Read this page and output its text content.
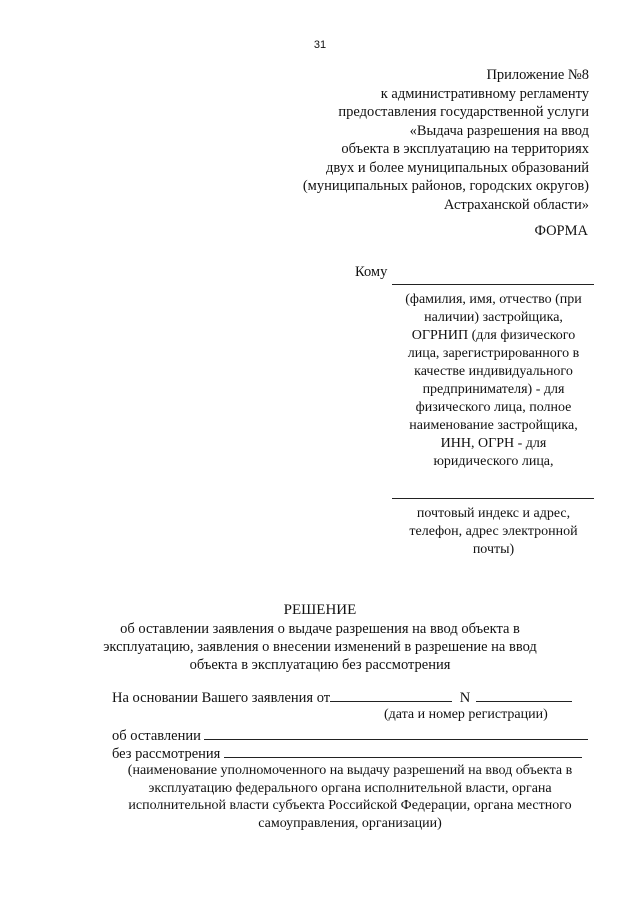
31
Приложение №8
к административному регламенту
предоставления государственной услуги
«Выдача разрешения на ввод
объекта в эксплуатацию на территориях
двух и более муниципальных образований
(муниципальных районов, городских округов)
Астраханской области»
ФОРМА
Кому
(фамилия, имя, отчество (при
наличии) застройщика,
ОГРНИП (для физического
лица, зарегистрированного в
качестве индивидуального
предпринимателя) - для
физического лица, полное
наименование застройщика,
ИНН, ОГРН - для
юридического лица,
почтовый индекс и адрес,
телефон, адрес электронной
почты)
РЕШЕНИЕ
об оставлении заявления о выдаче разрешения на ввод объекта в
эксплуатацию, заявления о внесении изменений в разрешение на ввод
объекта в эксплуатацию без рассмотрения
На основании Вашего заявления от	N
(дата и номер регистрации)
об оставлении
без рассмотрения
(наименование уполномоченного на выдачу разрешений на ввод объекта в
эксплуатацию федерального органа исполнительной власти, органа
исполнительной власти субъекта Российской Федерации, органа местного
самоуправления, организации)
